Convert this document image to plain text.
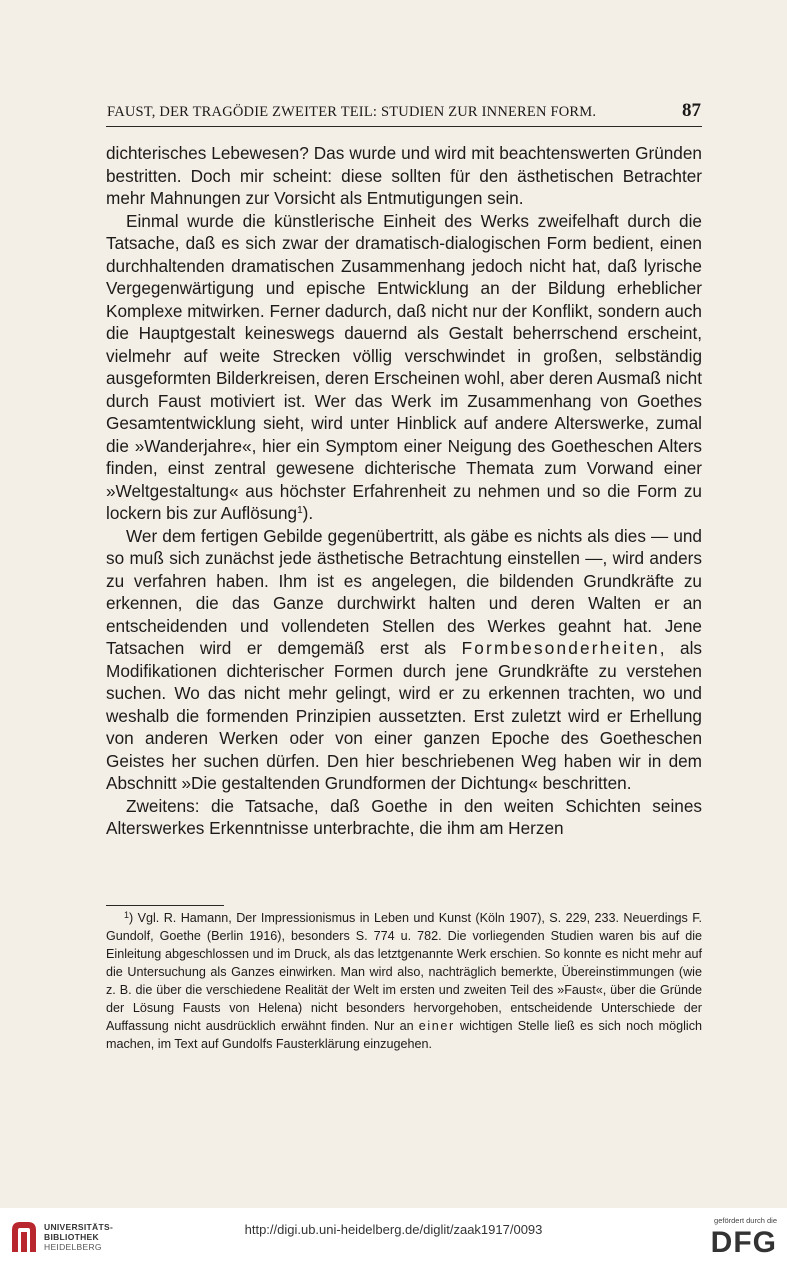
FAUST, DER TRAGÖDIE ZWEITER TEIL: STUDIEN ZUR INNEREN FORM.	87

dichterisches Lebewesen? Das wurde und wird mit beachtenswerten Gründen bestritten. Doch mir scheint: diese sollten für den ästhetischen Betrachter mehr Mahnungen zur Vorsicht als Entmutigungen sein.

Einmal wurde die künstlerische Einheit des Werks zweifelhaft durch die Tatsache, daß es sich zwar der dramatisch-dialogischen Form bedient, einen durchhaltenden dramatischen Zusammenhang jedoch nicht hat, daß lyrische Vergegenwärtigung und epische Entwicklung an der Bildung erheblicher Komplexe mitwirken. Ferner dadurch, daß nicht nur der Konflikt, sondern auch die Hauptgestalt keineswegs dauernd als Gestalt beherrschend erscheint, vielmehr auf weite Strecken völlig verschwindet in großen, selbständig ausgeformten Bilderkreisen, deren Erscheinen wohl, aber deren Ausmaß nicht durch Faust motiviert ist. Wer das Werk im Zusammenhang von Goethes Gesamtentwicklung sieht, wird unter Hinblick auf andere Alterswerke, zumal die »Wanderjahre«, hier ein Symptom einer Neigung des Goetheschen Alters finden, einst zentral gewesene dichterische Themata zum Vorwand einer »Weltgestaltung« aus höchster Erfahrenheit zu nehmen und so die Form zu lockern bis zur Auflösung$^1$).

Wer dem fertigen Gebilde gegenübertritt, als gäbe es nichts als dies — und so muß sich zunächst jede ästhetische Betrachtung einstellen —, wird anders zu verfahren haben. Ihm ist es angelegen, die bildenden Grundkräfte zu erkennen, die das Ganze durchwirkt halten und deren Walten er an entscheidenden und vollendeten Stellen des Werkes geahnt hat. Jene Tatsachen wird er demgemäß erst als Formbesonderheiten, als Modifikationen dichterischer Formen durch jene Grundkräfte zu verstehen suchen. Wo das nicht mehr gelingt, wird er zu erkennen trachten, wo und weshalb die formenden Prinzipien aussetzten. Erst zuletzt wird er Erhellung von anderen Werken oder von einer ganzen Epoche des Goetheschen Geistes her suchen dürfen. Den hier beschriebenen Weg haben wir in dem Abschnitt »Die gestaltenden Grundformen der Dichtung« beschritten.

Zweitens: die Tatsache, daß Goethe in den weiten Schichten seines Alterswerkes Erkenntnisse unterbrachte, die ihm am Herzen

$^1$) Vgl. R. Hamann, Der Impressionismus in Leben und Kunst (Köln 1907), S. 229, 233. Neuerdings F. Gundolf, Goethe (Berlin 1916), besonders S. 774 u. 782. Die vorliegenden Studien waren bis auf die Einleitung abgeschlossen und im Druck, als das letztgenannte Werk erschien. So konnte es nicht mehr auf die Untersuchung als Ganzes einwirken. Man wird also, nachträglich bemerkte, Übereinstimmungen (wie z. B. die über die verschiedene Realität der Welt im ersten und zweiten Teil des »Faust«, über die Gründe der Lösung Fausts von Helena) nicht besonders hervorgehoben, entscheidende Unterschiede der Auffassung nicht ausdrücklich erwähnt finden. Nur an einer wichtigen Stelle ließ es sich noch möglich machen, im Text auf Gundolfs Fausterklärung einzugehen.
UNIVERSITÄTS-
BIBLIOTHEK
HEIDELBERG
http://digi.ub.uni-heidelberg.de/diglit/zaak1917/0093
gefördert durch die
DFG
